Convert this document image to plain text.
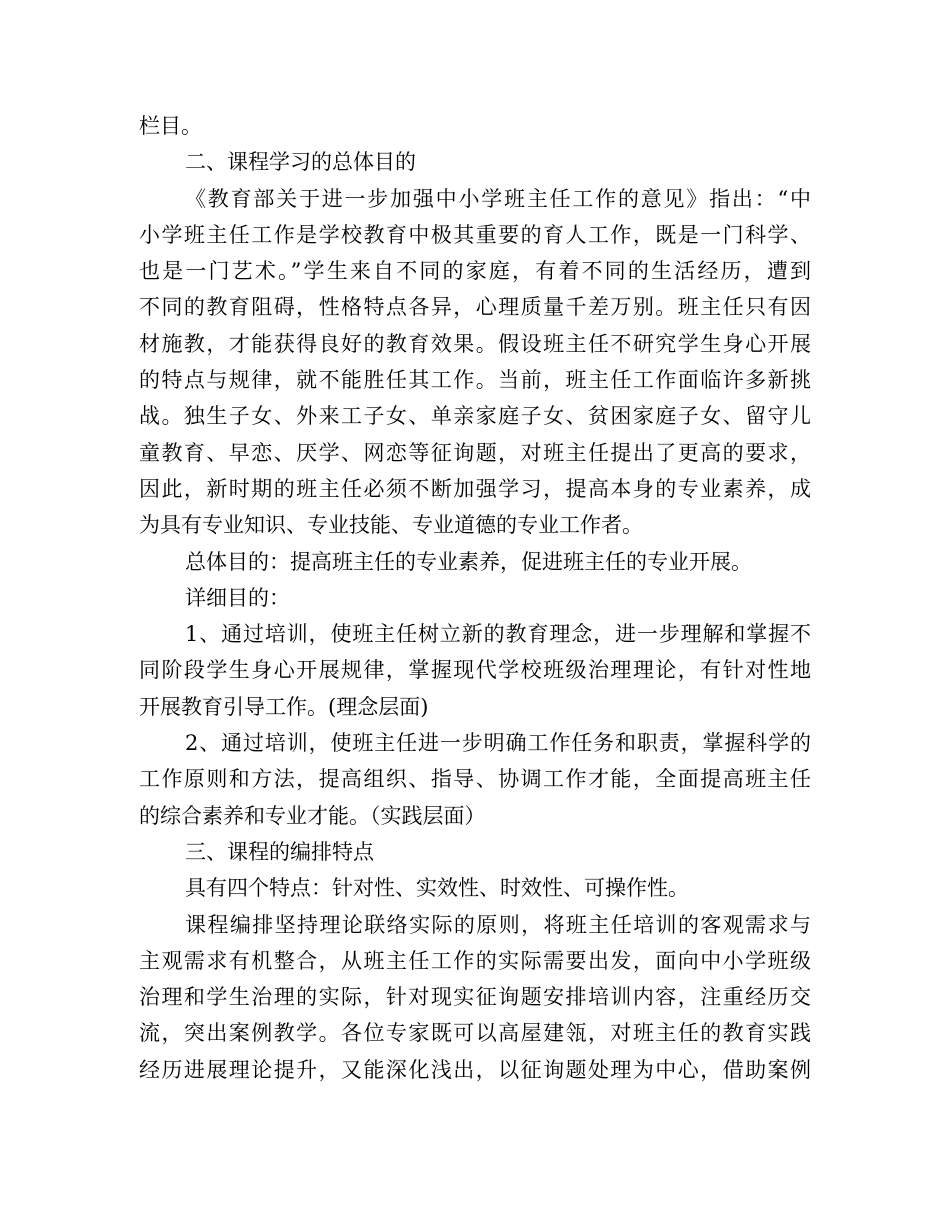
栏目。
二、课程学习的总体目的
《教育部关于进一步加强中小学班主任工作的意见》指出：“中
小学班主任工作是学校教育中极其重要的育人工作，既是一门科学、
也是一门艺术。”学生来自不同的家庭，有着不同的生活经历，遭到
不同的教育阻碍，性格特点各异，心理质量千差万别。班主任只有因
材施教，才能获得良好的教育效果。假设班主任不研究学生身心开展
的特点与规律，就不能胜任其工作。当前，班主任工作面临许多新挑
战。独生子女、外来工子女、单亲家庭子女、贫困家庭子女、留守儿
童教育、早恋、厌学、网恋等征询题，对班主任提出了更高的要求，
因此，新时期的班主任必须不断加强学习，提高本身的专业素养，成
为具有专业知识、专业技能、专业道德的专业工作者。
总体目的：提高班主任的专业素养，促进班主任的专业开展。
详细目的：
1、通过培训，使班主任树立新的教育理念，进一步理解和掌握不
同阶段学生身心开展规律，掌握现代学校班级治理理论，有针对性地
开展教育引导工作。(理念层面)
2、通过培训，使班主任进一步明确工作任务和职责，掌握科学的
工作原则和方法，提高组织、指导、协调工作才能，全面提高班主任
的综合素养和专业才能。（实践层面）
三、课程的编排特点
具有四个特点：针对性、实效性、时效性、可操作性。
课程编排坚持理论联络实际的原则，将班主任培训的客观需求与
主观需求有机整合，从班主任工作的实际需要出发，面向中小学班级
治理和学生治理的实际，针对现实征询题安排培训内容，注重经历交
流，突出案例教学。各位专家既可以高屋建瓴，对班主任的教育实践
经历进展理论提升，又能深化浅出，以征询题处理为中心，借助案例
